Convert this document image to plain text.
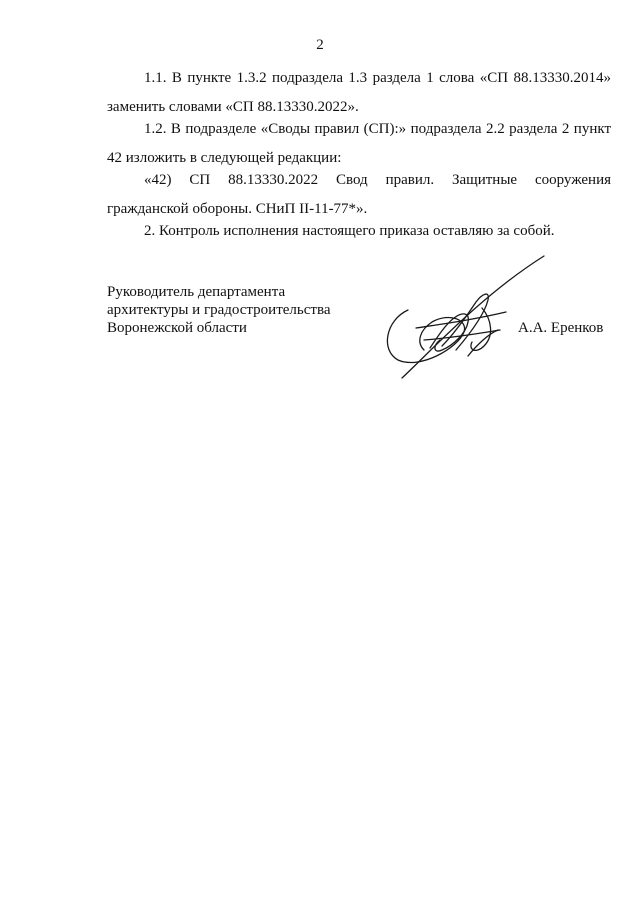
2
1.1. В пункте 1.3.2 подраздела 1.3 раздела 1 слова «СП 88.13330.2014» заменить словами «СП 88.13330.2022».
1.2. В подразделе «Своды правил (СП):» подраздела 2.2 раздела 2 пункт 42 изложить в следующей редакции:
«42) СП 88.13330.2022 Свод правил. Защитные сооружения гражданской обороны. СНиП II-11-77*».
2. Контроль исполнения настоящего приказа оставляю за собой.
Руководитель департамента
архитектуры и градостроительства
Воронежской области	А.А. Еренков
